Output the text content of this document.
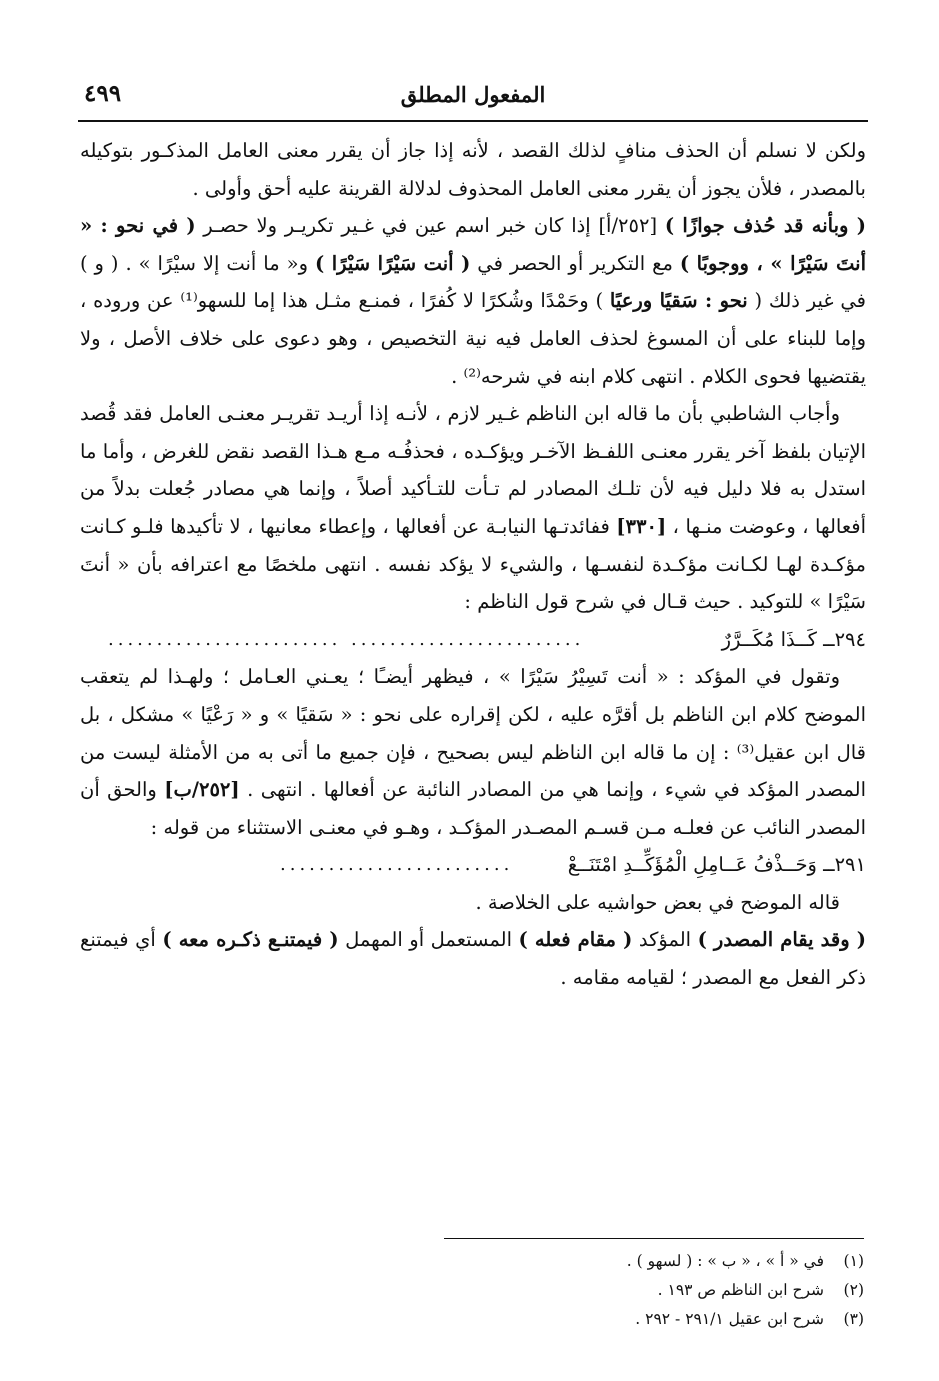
المفعول المطلق
٤٩٩

ولكن لا نسلم أن الحذف منافٍ لذلك القصد ، لأنه إذا جاز أن يقرر معنى العامل المذكـور بتوكيله بالمصدر ، فلأن يجوز أن يقرر معنى العامل المحذوف لدلالة القرينة عليه أحق وأولى .

( وبأنه قد حُذف جوازًا ) [٢٥٢/أ] إذا كان خبر اسم عين في غـير تكريـر ولا حصـر ( في نحو : « أنتَ سَيْرًا » ، ووجوبًا ) مع التكرير أو الحصر في ( أنت سَيْرًا سَيْرًا ) و« ما أنت إلا سيْرًا » . ( و ) في غير ذلك ( نحو : سَقيًا ورعيًا ) وحَمْدًا وشُكرًا لا كُفرًا ، فمنـع مثـل هذا إما للسهو⁽¹⁾ عن وروده ، وإما للبناء على أن المسوغ لحذف العامل فيه نية التخصيص ، وهو دعوى على خلاف الأصل ، ولا يقتضيها فحوى الكلام . انتهى كلام ابنه في شرحه⁽²⁾ .

وأجاب الشاطبي بأن ما قاله ابن الناظم غـير لازم ، لأنـه إذا أريـد تقريـر معنـى العامل فقد قُصد الإتيان بلفظ آخر يقرر معنـى اللفـظ الآخـر ويؤكـده ، فحذفُـه مـع هـذا القصد نقض للغرض ، وأما ما استدل به فلا دليل فيه لأن تلـك المصادر لم تـأت للتـأكيد أصلاً ، وإنما هي مصادر جُعلت بدلاً من أفعالها ، وعوضت منـها ، [٣٣٠] ففائدتـها النيابـة عن أفعالها ، وإعطاء معانيها ، لا تأكيدها فلـو كـانت مؤكـدة لهـا لكـانت مؤكـدة لنفسـها ، والشيء لا يؤكد نفسه . انتهى ملخصًا مع اعترافه بأن « أنتَ سَيْرًا » للتوكيد . حيث قـال في شرح قول الناظم :

٢٩٤ــ كَــذَا مُكَــرَّرٌ
........................ ........................

وتقول في المؤكد : « أنت تَسِيْرُ سَيْرًا » ، فيظهر أيضـًا ؛ يعـني العـامل ؛ ولهـذا لم يتعقب الموضح كلام ابن الناظم بل أقرَّه عليه ، لكن إقراره على نحو : « سَقيًا » و « رَعْيًا » مشكل ، بل قال ابن عقيل⁽³⁾ : إن ما قاله ابن الناظم ليس بصحيح ، فإن جميع ما أتى به من الأمثلة ليست من المصدر المؤكد في شيء ، وإنما هي من المصادر النائبة عن أفعالها . انتهى . [٢٥٢/ب] والحق أن المصدر النائب عن فعلـه مـن قسـم المصـدر المؤكـد ، وهـو في معنـى الاستثناء من قوله :

٢٩١ــ وَحَــذْفُ عَــامِلِ الْمُؤَكِّــدِ امْتَنَــعْ
........................

قاله الموضح في بعض حواشيه على الخلاصة .

( وقد يقام المصدر ) المؤكد ( مقام فعله ) المستعمل أو المهمل ( فيمتنـع ذكـره معه ) أي فيمتنع ذكر الفعل مع المصدر ؛ لقيامه مقامه .

(١)في « أ » ، « ب » : ( لسهو ) .

(٢)شرح ابن الناظم ص ١٩٣ .

(٣)شرح ابن عقيل ٢٩١/١ - ٢٩٢ .
